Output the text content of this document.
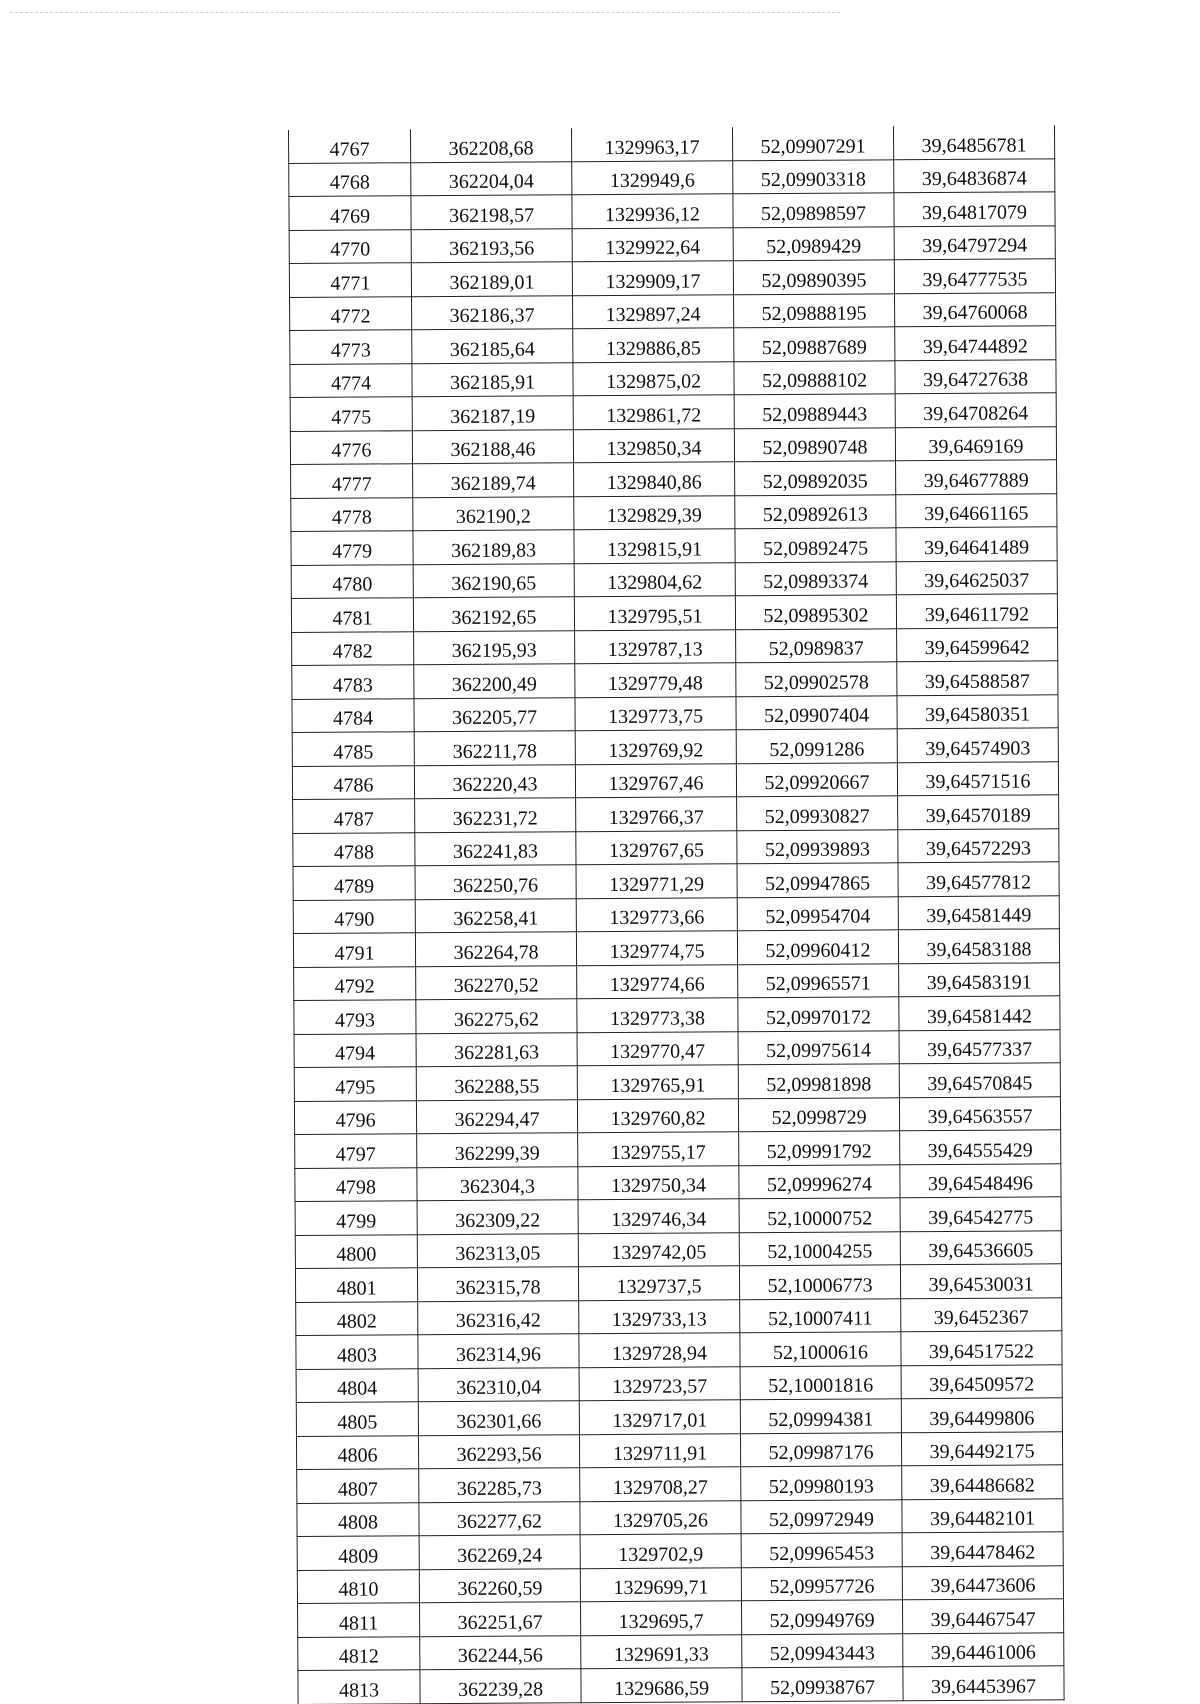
4767	362208,68	1329963,17	52,09907291	39,64856781
4768	362204,04	1329949,6	52,09903318	39,64836874
4769	362198,57	1329936,12	52,09898597	39,64817079
4770	362193,56	1329922,64	52,0989429	39,64797294
4771	362189,01	1329909,17	52,09890395	39,64777535
4772	362186,37	1329897,24	52,09888195	39,64760068
4773	362185,64	1329886,85	52,09887689	39,64744892
4774	362185,91	1329875,02	52,09888102	39,64727638
4775	362187,19	1329861,72	52,09889443	39,64708264
4776	362188,46	1329850,34	52,09890748	39,6469169
4777	362189,74	1329840,86	52,09892035	39,64677889
4778	362190,2	1329829,39	52,09892613	39,64661165
4779	362189,83	1329815,91	52,09892475	39,64641489
4780	362190,65	1329804,62	52,09893374	39,64625037
4781	362192,65	1329795,51	52,09895302	39,64611792
4782	362195,93	1329787,13	52,0989837	39,64599642
4783	362200,49	1329779,48	52,09902578	39,64588587
4784	362205,77	1329773,75	52,09907404	39,64580351
4785	362211,78	1329769,92	52,0991286	39,64574903
4786	362220,43	1329767,46	52,09920667	39,64571516
4787	362231,72	1329766,37	52,09930827	39,64570189
4788	362241,83	1329767,65	52,09939893	39,64572293
4789	362250,76	1329771,29	52,09947865	39,64577812
4790	362258,41	1329773,66	52,09954704	39,64581449
4791	362264,78	1329774,75	52,09960412	39,64583188
4792	362270,52	1329774,66	52,09965571	39,64583191
4793	362275,62	1329773,38	52,09970172	39,64581442
4794	362281,63	1329770,47	52,09975614	39,64577337
4795	362288,55	1329765,91	52,09981898	39,64570845
4796	362294,47	1329760,82	52,0998729	39,64563557
4797	362299,39	1329755,17	52,09991792	39,64555429
4798	362304,3	1329750,34	52,09996274	39,64548496
4799	362309,22	1329746,34	52,10000752	39,64542775
4800	362313,05	1329742,05	52,10004255	39,64536605
4801	362315,78	1329737,5	52,10006773	39,64530031
4802	362316,42	1329733,13	52,10007411	39,6452367
4803	362314,96	1329728,94	52,1000616	39,64517522
4804	362310,04	1329723,57	52,10001816	39,64509572
4805	362301,66	1329717,01	52,09994381	39,64499806
4806	362293,56	1329711,91	52,09987176	39,64492175
4807	362285,73	1329708,27	52,09980193	39,64486682
4808	362277,62	1329705,26	52,09972949	39,64482101
4809	362269,24	1329702,9	52,09965453	39,64478462
4810	362260,59	1329699,71	52,09957726	39,64473606
4811	362251,67	1329695,7	52,09949769	39,64467547
4812	362244,56	1329691,33	52,09943443	39,64461006
4813	362239,28	1329686,59	52,09938767	39,64453967
